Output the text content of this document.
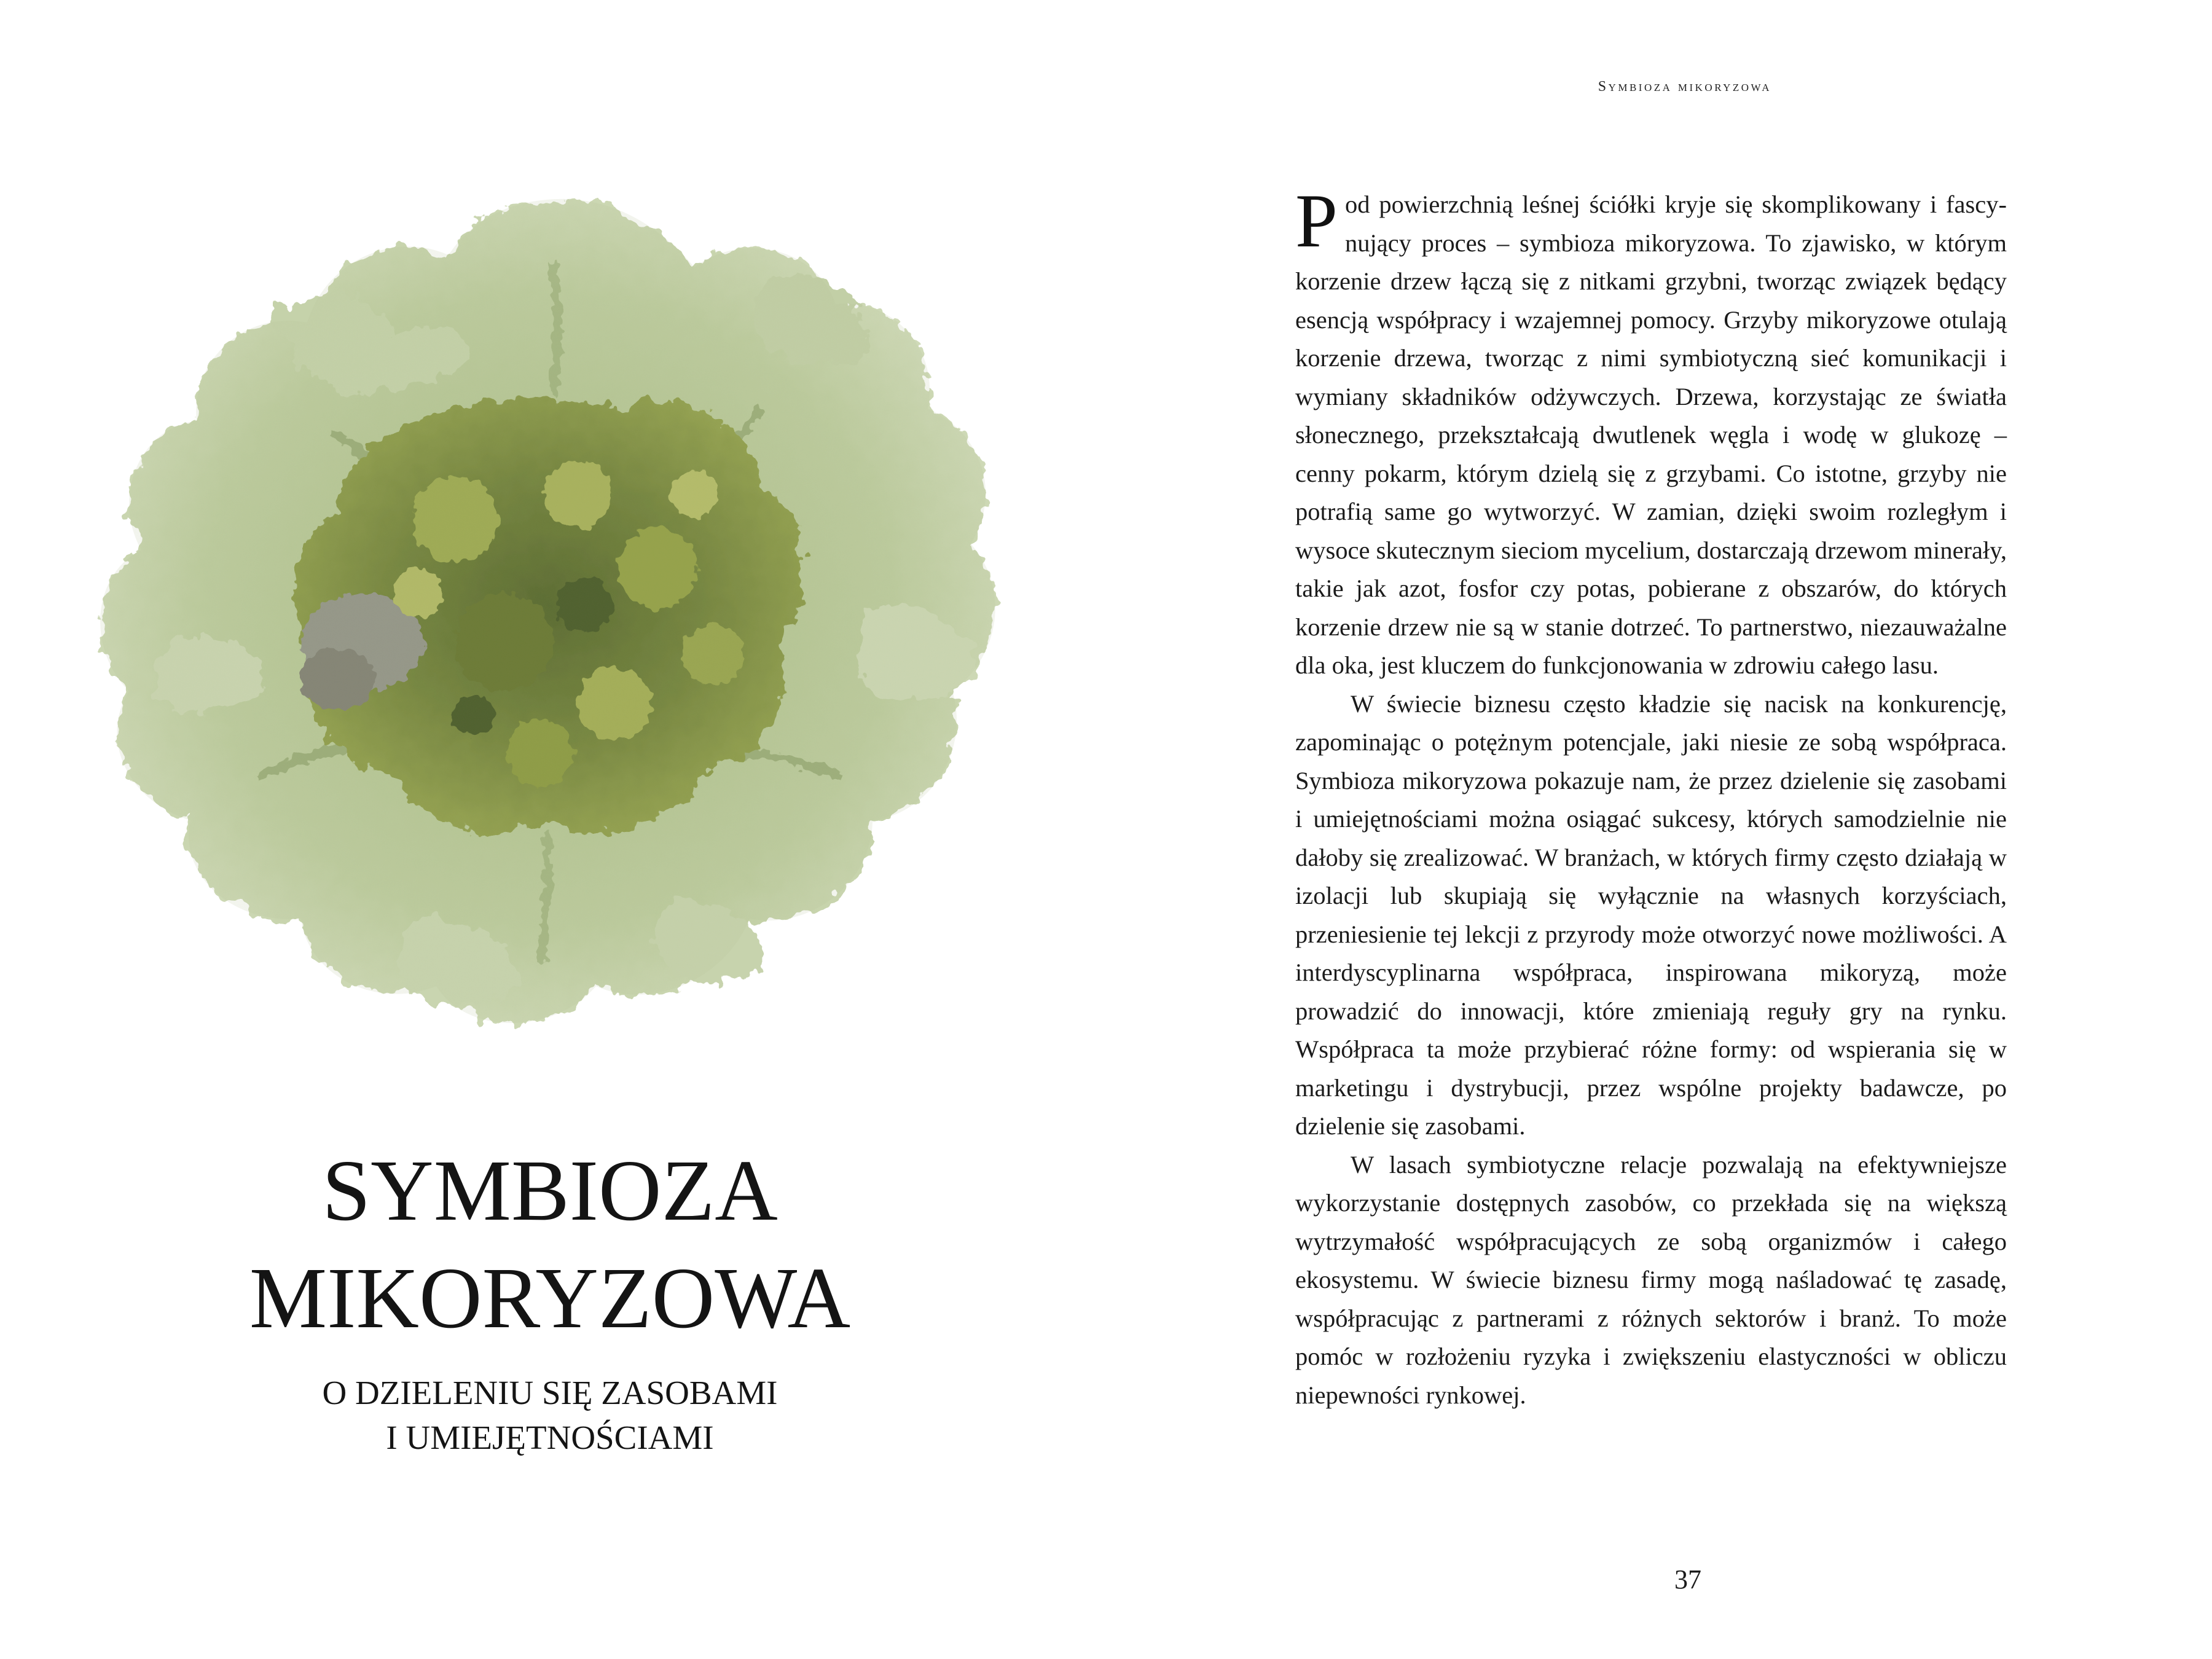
SYMBIOZA
MIKORYZOWA
O DZIELENIU SIĘ ZASOBAMI
I UMIEJĘTNOŚCIAMI
Symbioza mikoryzowa

Pod powierzchnią leśnej ściółki kryje się skomplikowany i fascynujący proces – symbioza mikoryzowa. To zjawisko, w którym korzenie drzew łączą się z nitkami grzybni, tworząc związek będący esencją współpracy i wzajemnej pomocy. Grzyby mikoryzowe otulają korzenie drzewa, tworząc z nimi symbiotyczną sieć komunikacji i wymiany składników odżywczych. Drzewa, korzystając ze światła słonecznego, przekształcają dwutlenek węgla i wodę w glukozę – cenny pokarm, którym dzielą się z grzybami. Co istotne, grzyby nie potrafią same go wytworzyć. W zamian, dzięki swoim rozległym i wysoce skutecznym sieciom mycelium, dostarczają drzewom minerały, takie jak azot, fosfor czy potas, pobierane z obszarów, do których korzenie drzew nie są w stanie dotrzeć. To partnerstwo, niezauważalne dla oka, jest kluczem do funkcjonowania w zdrowiu całego lasu.

W świecie biznesu często kładzie się nacisk na konkurencję, zapominając o potężnym potencjale, jaki niesie ze sobą współpraca. Symbioza mikoryzowa pokazuje nam, że przez dzielenie się zasobami i umiejętnościami można osiągać sukcesy, których samodzielnie nie dałoby się zrealizować. W branżach, w których firmy często działają w izolacji lub skupiają się wyłącznie na własnych korzyściach, przeniesienie tej lekcji z przyrody może otworzyć nowe możliwości. A interdyscyplinarna współpraca, inspirowana mikoryzą, może prowadzić do innowacji, które zmieniają reguły gry na rynku. Współpraca ta może przybierać różne formy: od wspierania się w marketingu i dystrybucji, przez wspólne projekty badawcze, po dzielenie się zasobami.

W lasach symbiotyczne relacje pozwalają na efektywniejsze wykorzystanie dostępnych zasobów, co przekłada się na większą wytrzymałość współpracujących ze sobą organizmów i całego ekosystemu. W świecie biznesu firmy mogą naśladować tę zasadę, współpracując z partnerami z różnych sektorów i branż. To może pomóc w rozłożeniu ryzyka i zwiększeniu elastyczności w obliczu niepewności rynkowej.

37
